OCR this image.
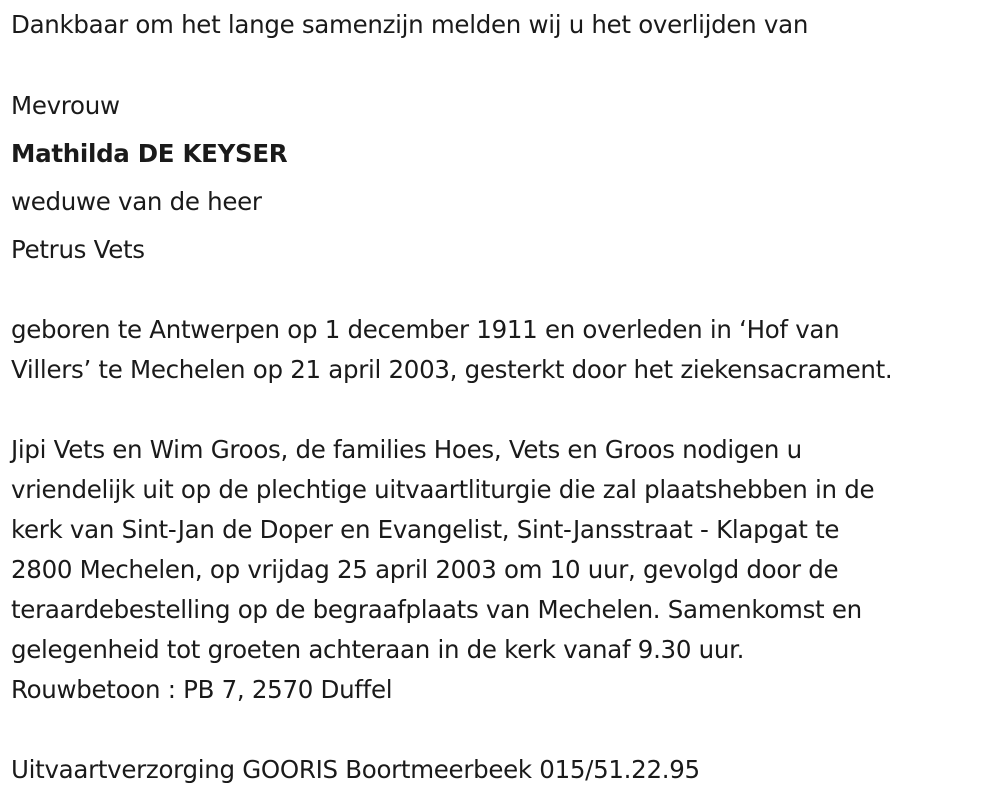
Dankbaar om het lange samenzijn melden wij u het overlijden van
Mevrouw
Mathilda DE KEYSER
weduwe van de heer
Petrus Vets
geboren te Antwerpen op 1 december 1911 en overleden in ‘Hof van
Villers’ te Mechelen op 21 april 2003, gesterkt door het ziekensacrament.
Jipi Vets en Wim Groos, de families Hoes, Vets en Groos nodigen u
vriendelijk uit op de plechtige uitvaartliturgie die zal plaatshebben in de
kerk van Sint-Jan de Doper en Evangelist, Sint-Jansstraat - Klapgat te
2800 Mechelen, op vrijdag 25 april 2003 om 10 uur, gevolgd door de
teraardebestelling op de begraafplaats van Mechelen. Samenkomst en
gelegenheid tot groeten achteraan in de kerk vanaf 9.30 uur.
Rouwbetoon : PB 7, 2570 Duffel
Uitvaartverzorging GOORIS Boortmeerbeek 015/51.22.95
